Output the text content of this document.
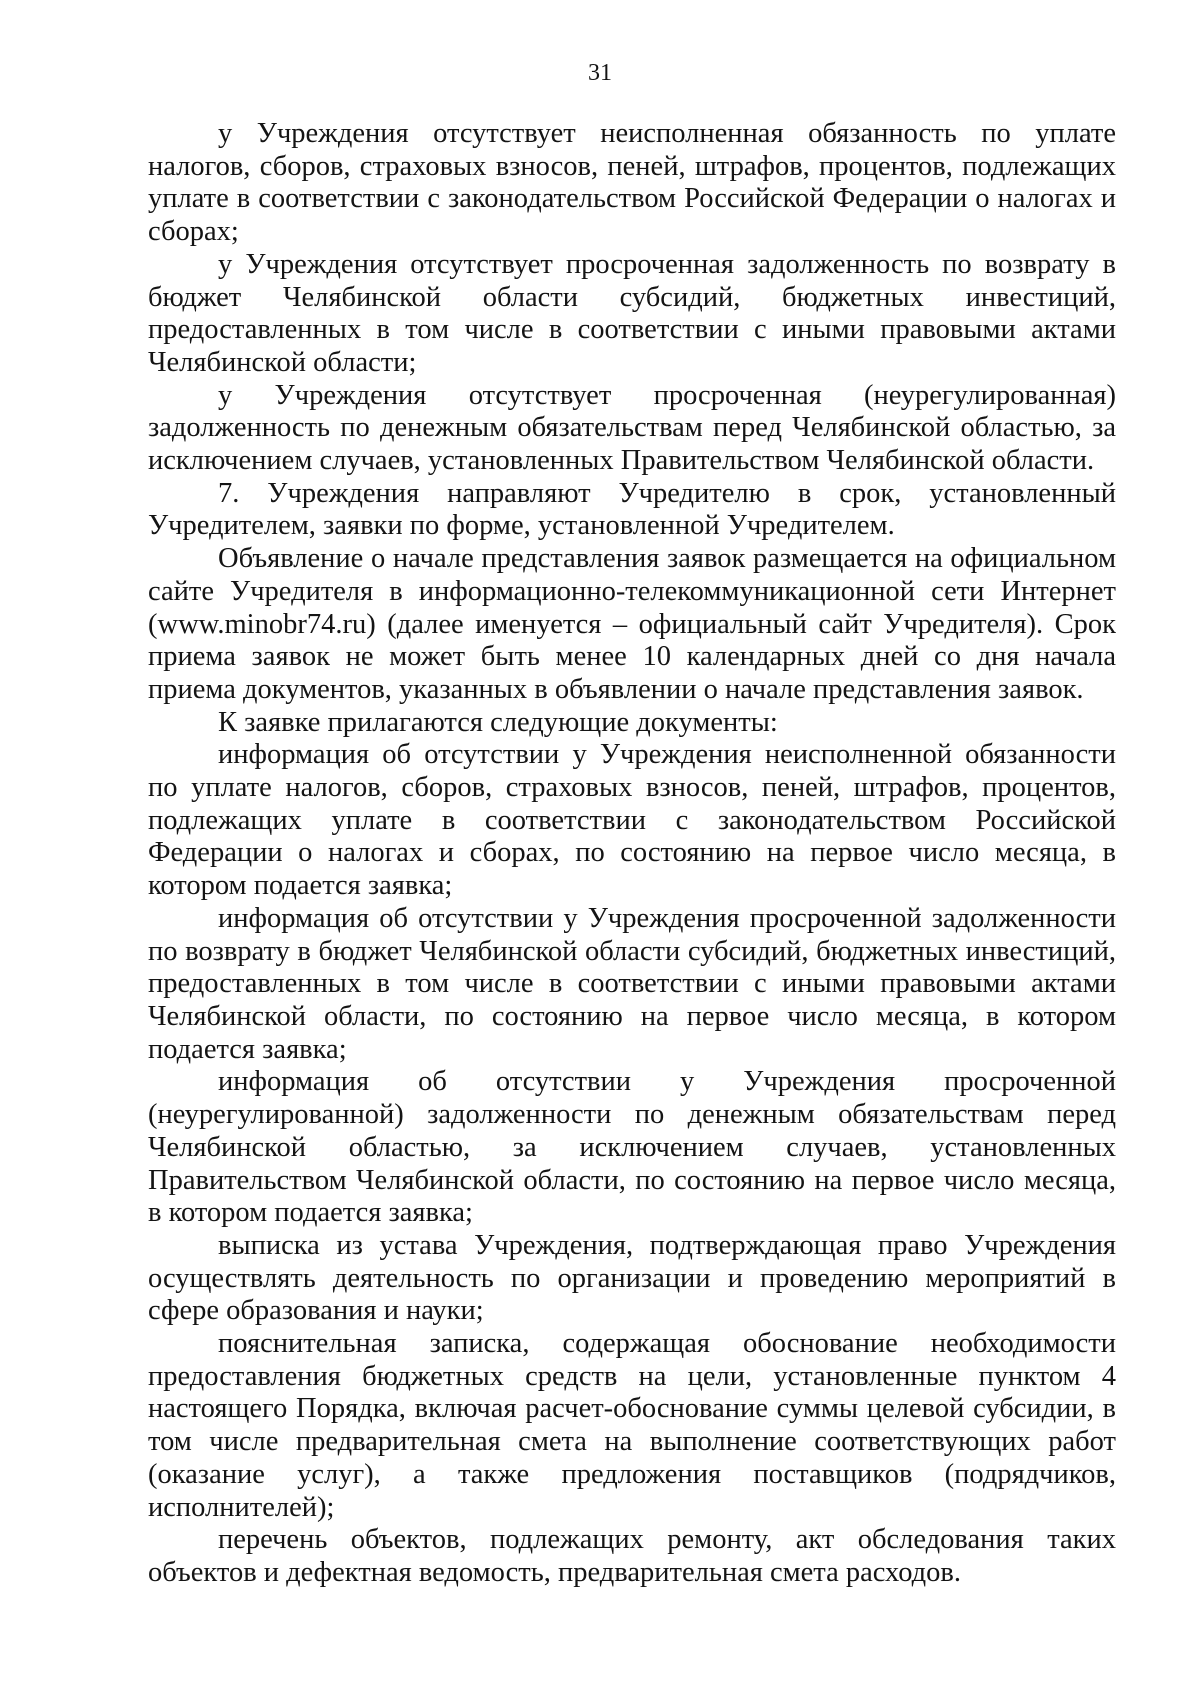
31

у Учреждения отсутствует неисполненная обязанность по уплате налогов, сборов, страховых взносов, пеней, штрафов, процентов, подлежащих уплате в соответствии с законодательством Российской Федерации о налогах и сборах;

у Учреждения отсутствует просроченная задолженность по возврату в бюджет Челябинской области субсидий, бюджетных инвестиций, предоставленных в том числе в соответствии с иными правовыми актами Челябинской области;

у Учреждения отсутствует просроченная (неурегулированная) задолженность по денежным обязательствам перед Челябинской областью, за исключением случаев, установленных Правительством Челябинской области.

7. Учреждения направляют Учредителю в срок, установленный Учредителем, заявки по форме, установленной Учредителем.

Объявление о начале представления заявок размещается на официальном сайте Учредителя в информационно-телекоммуникационной сети Интернет (www.minobr74.ru) (далее именуется – официальный сайт Учредителя). Срок приема заявок не может быть менее 10 календарных дней со дня начала приема документов, указанных в объявлении о начале представления заявок.

К заявке прилагаются следующие документы:

информация об отсутствии у Учреждения неисполненной обязанности по уплате налогов, сборов, страховых взносов, пеней, штрафов, процентов, подлежащих уплате в соответствии с законодательством Российской Федерации о налогах и сборах, по состоянию на первое число месяца, в котором подается заявка;

информация об отсутствии у Учреждения просроченной задолженности по возврату в бюджет Челябинской области субсидий, бюджетных инвестиций, предоставленных в том числе в соответствии с иными правовыми актами Челябинской области, по состоянию на первое число месяца, в котором подается заявка;

информация об отсутствии у Учреждения просроченной (неурегулированной) задолженности по денежным обязательствам перед Челябинской областью, за исключением случаев, установленных Правительством Челябинской области, по состоянию на первое число месяца, в котором подается заявка;

выписка из устава Учреждения, подтверждающая право Учреждения осуществлять деятельность по организации и проведению мероприятий в сфере образования и науки;

пояснительная записка, содержащая обоснование необходимости предоставления бюджетных средств на цели, установленные пунктом 4 настоящего Порядка, включая расчет-обоснование суммы целевой субсидии, в том числе предварительная смета на выполнение соответствующих работ (оказание услуг), а также предложения поставщиков (подрядчиков, исполнителей);

перечень объектов, подлежащих ремонту, акт обследования таких объектов и дефектная ведомость, предварительная смета расходов.
